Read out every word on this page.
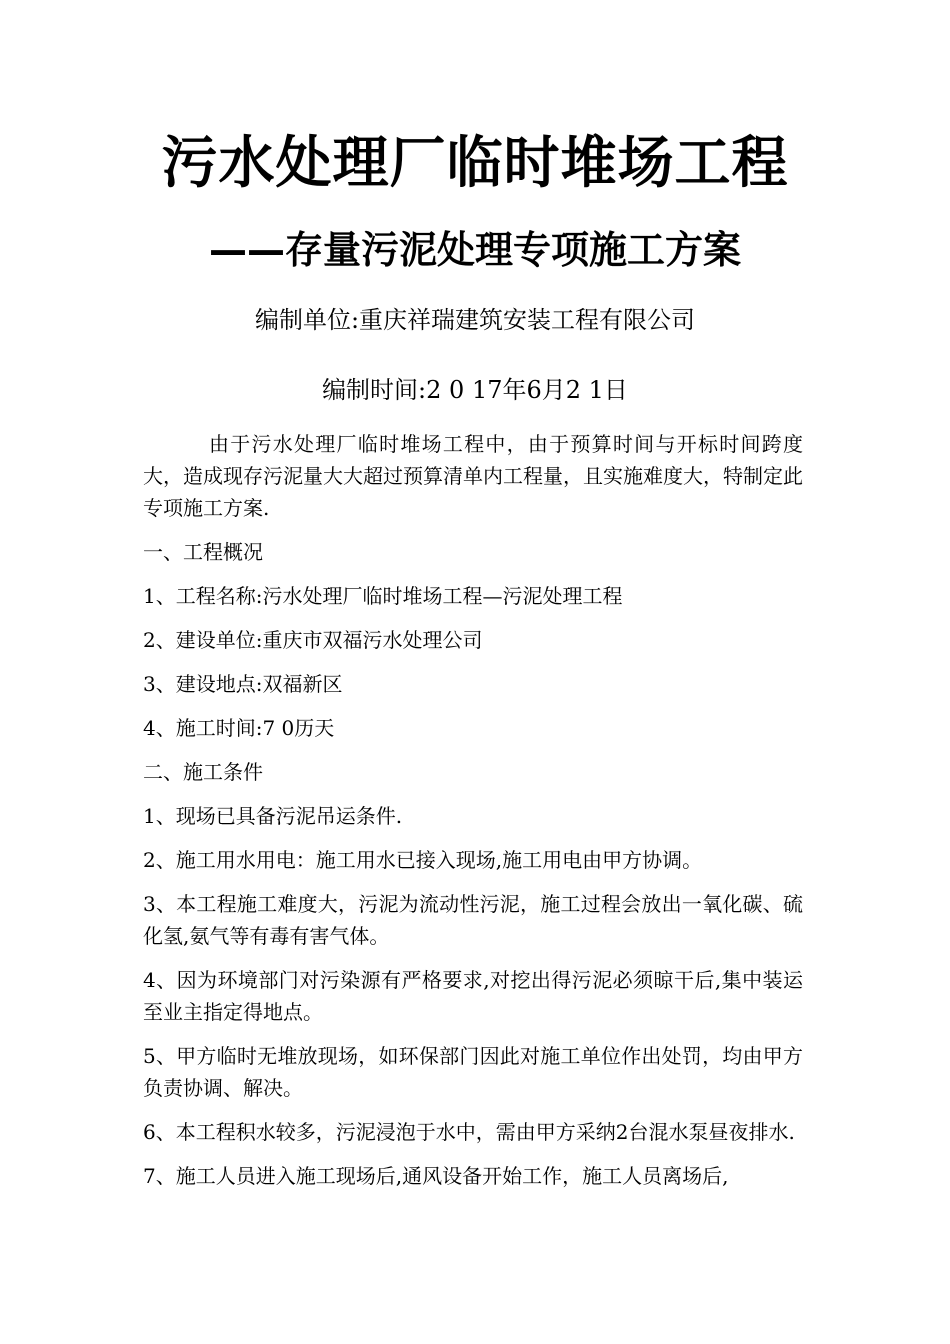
污水处理厂临时堆场工程
——存量污泥处理专项施工方案
编制单位:重庆祥瑞建筑安装工程有限公司
编制时间:2 0 17年6月2 1日

由于污水处理厂临时堆场工程中，由于预算时间与开标时间跨度大，造成现存污泥量大大超过预算清单内工程量，且实施难度大，特制定此专项施工方案.

一、工程概况

1、工程名称:污水处理厂临时堆场工程—污泥处理工程

2、建设单位:重庆市双福污水处理公司

3、建设地点:双福新区

4、施工时间:7 0历天

二、施工条件

1、现场已具备污泥吊运条件.

2、施工用水用电：施工用水已接入现场,施工用电由甲方协调。

3、本工程施工难度大，污泥为流动性污泥，施工过程会放出一氧化碳、硫化氢,氨气等有毒有害气体。

4、因为环境部门对污染源有严格要求,对挖出得污泥必须晾干后,集中装运至业主指定得地点。

5、甲方临时无堆放现场，如环保部门因此对施工单位作出处罚，均由甲方负责协调、解决。

6、本工程积水较多，污泥浸泡于水中，需由甲方采纳2台混水泵昼夜排水.

7、施工人员进入施工现场后,通风设备开始工作，施工人员离场后,
